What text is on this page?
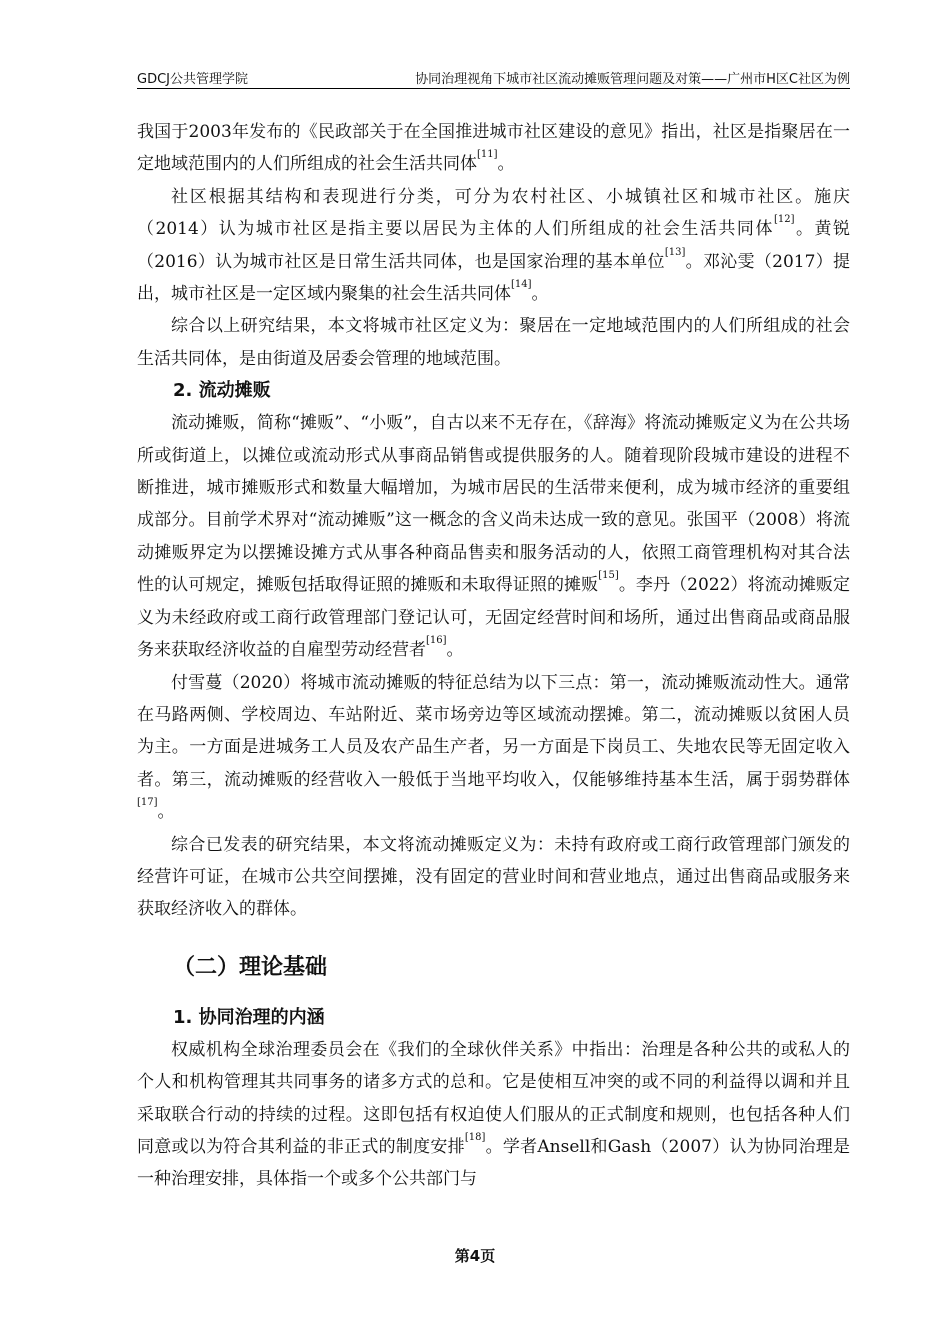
GDCJ公共管理学院	协同治理视角下城市社区流动摊贩管理问题及对策——广州市H区C社区为例

我国于2003年发布的《民政部关于在全国推进城市社区建设的意见》指出，社区是指聚居在一定地域范围内的人们所组成的社会生活共同体[11]。

社区根据其结构和表现进行分类，可分为农村社区、小城镇社区和城市社区。施庆（2014）认为城市社区是指主要以居民为主体的人们所组成的社会生活共同体[12]。黄锐（2016）认为城市社区是日常生活共同体，也是国家治理的基本单位[13]。邓沁雯（2017）提出，城市社区是一定区域内聚集的社会生活共同体[14]。

综合以上研究结果，本文将城市社区定义为：聚居在一定地域范围内的人们所组成的社会生活共同体，是由街道及居委会管理的地域范围。

2. 流动摊贩

流动摊贩，简称“摊贩”、“小贩”，自古以来不无存在，《辞海》将流动摊贩定义为在公共场所或街道上，以摊位或流动形式从事商品销售或提供服务的人。随着现阶段城市建设的进程不断推进，城市摊贩形式和数量大幅增加，为城市居民的生活带来便利，成为城市经济的重要组成部分。目前学术界对“流动摊贩”这一概念的含义尚未达成一致的意见。张国平（2008）将流动摊贩界定为以摆摊设摊方式从事各种商品售卖和服务活动的人，依照工商管理机构对其合法性的认可规定，摊贩包括取得证照的摊贩和未取得证照的摊贩[15]。李丹（2022）将流动摊贩定义为未经政府或工商行政管理部门登记认可，无固定经营时间和场所，通过出售商品或商品服务来获取经济收益的自雇型劳动经营者[16]。

付雪蔓（2020）将城市流动摊贩的特征总结为以下三点：第一，流动摊贩流动性大。通常在马路两侧、学校周边、车站附近、菜市场旁边等区域流动摆摊。第二，流动摊贩以贫困人员为主。一方面是进城务工人员及农产品生产者，另一方面是下岗员工、失地农民等无固定收入者。第三，流动摊贩的经营收入一般低于当地平均收入，仅能够维持基本生活，属于弱势群体[17]。

综合已发表的研究结果，本文将流动摊贩定义为：未持有政府或工商行政管理部门颁发的经营许可证，在城市公共空间摆摊，没有固定的营业时间和营业地点，通过出售商品或服务来获取经济收入的群体。

（二）理论基础
1. 协同治理的内涵

权威机构全球治理委员会在《我们的全球伙伴关系》中指出：治理是各种公共的或私人的个人和机构管理其共同事务的诸多方式的总和。它是使相互冲突的或不同的利益得以调和并且采取联合行动的持续的过程。这即包括有权迫使人们服从的正式制度和规则，也包括各种人们同意或以为符合其利益的非正式的制度安排[18]。学者Ansell和Gash（2007）认为协同治理是一种治理安排，具体指一个或多个公共部门与

第4页
